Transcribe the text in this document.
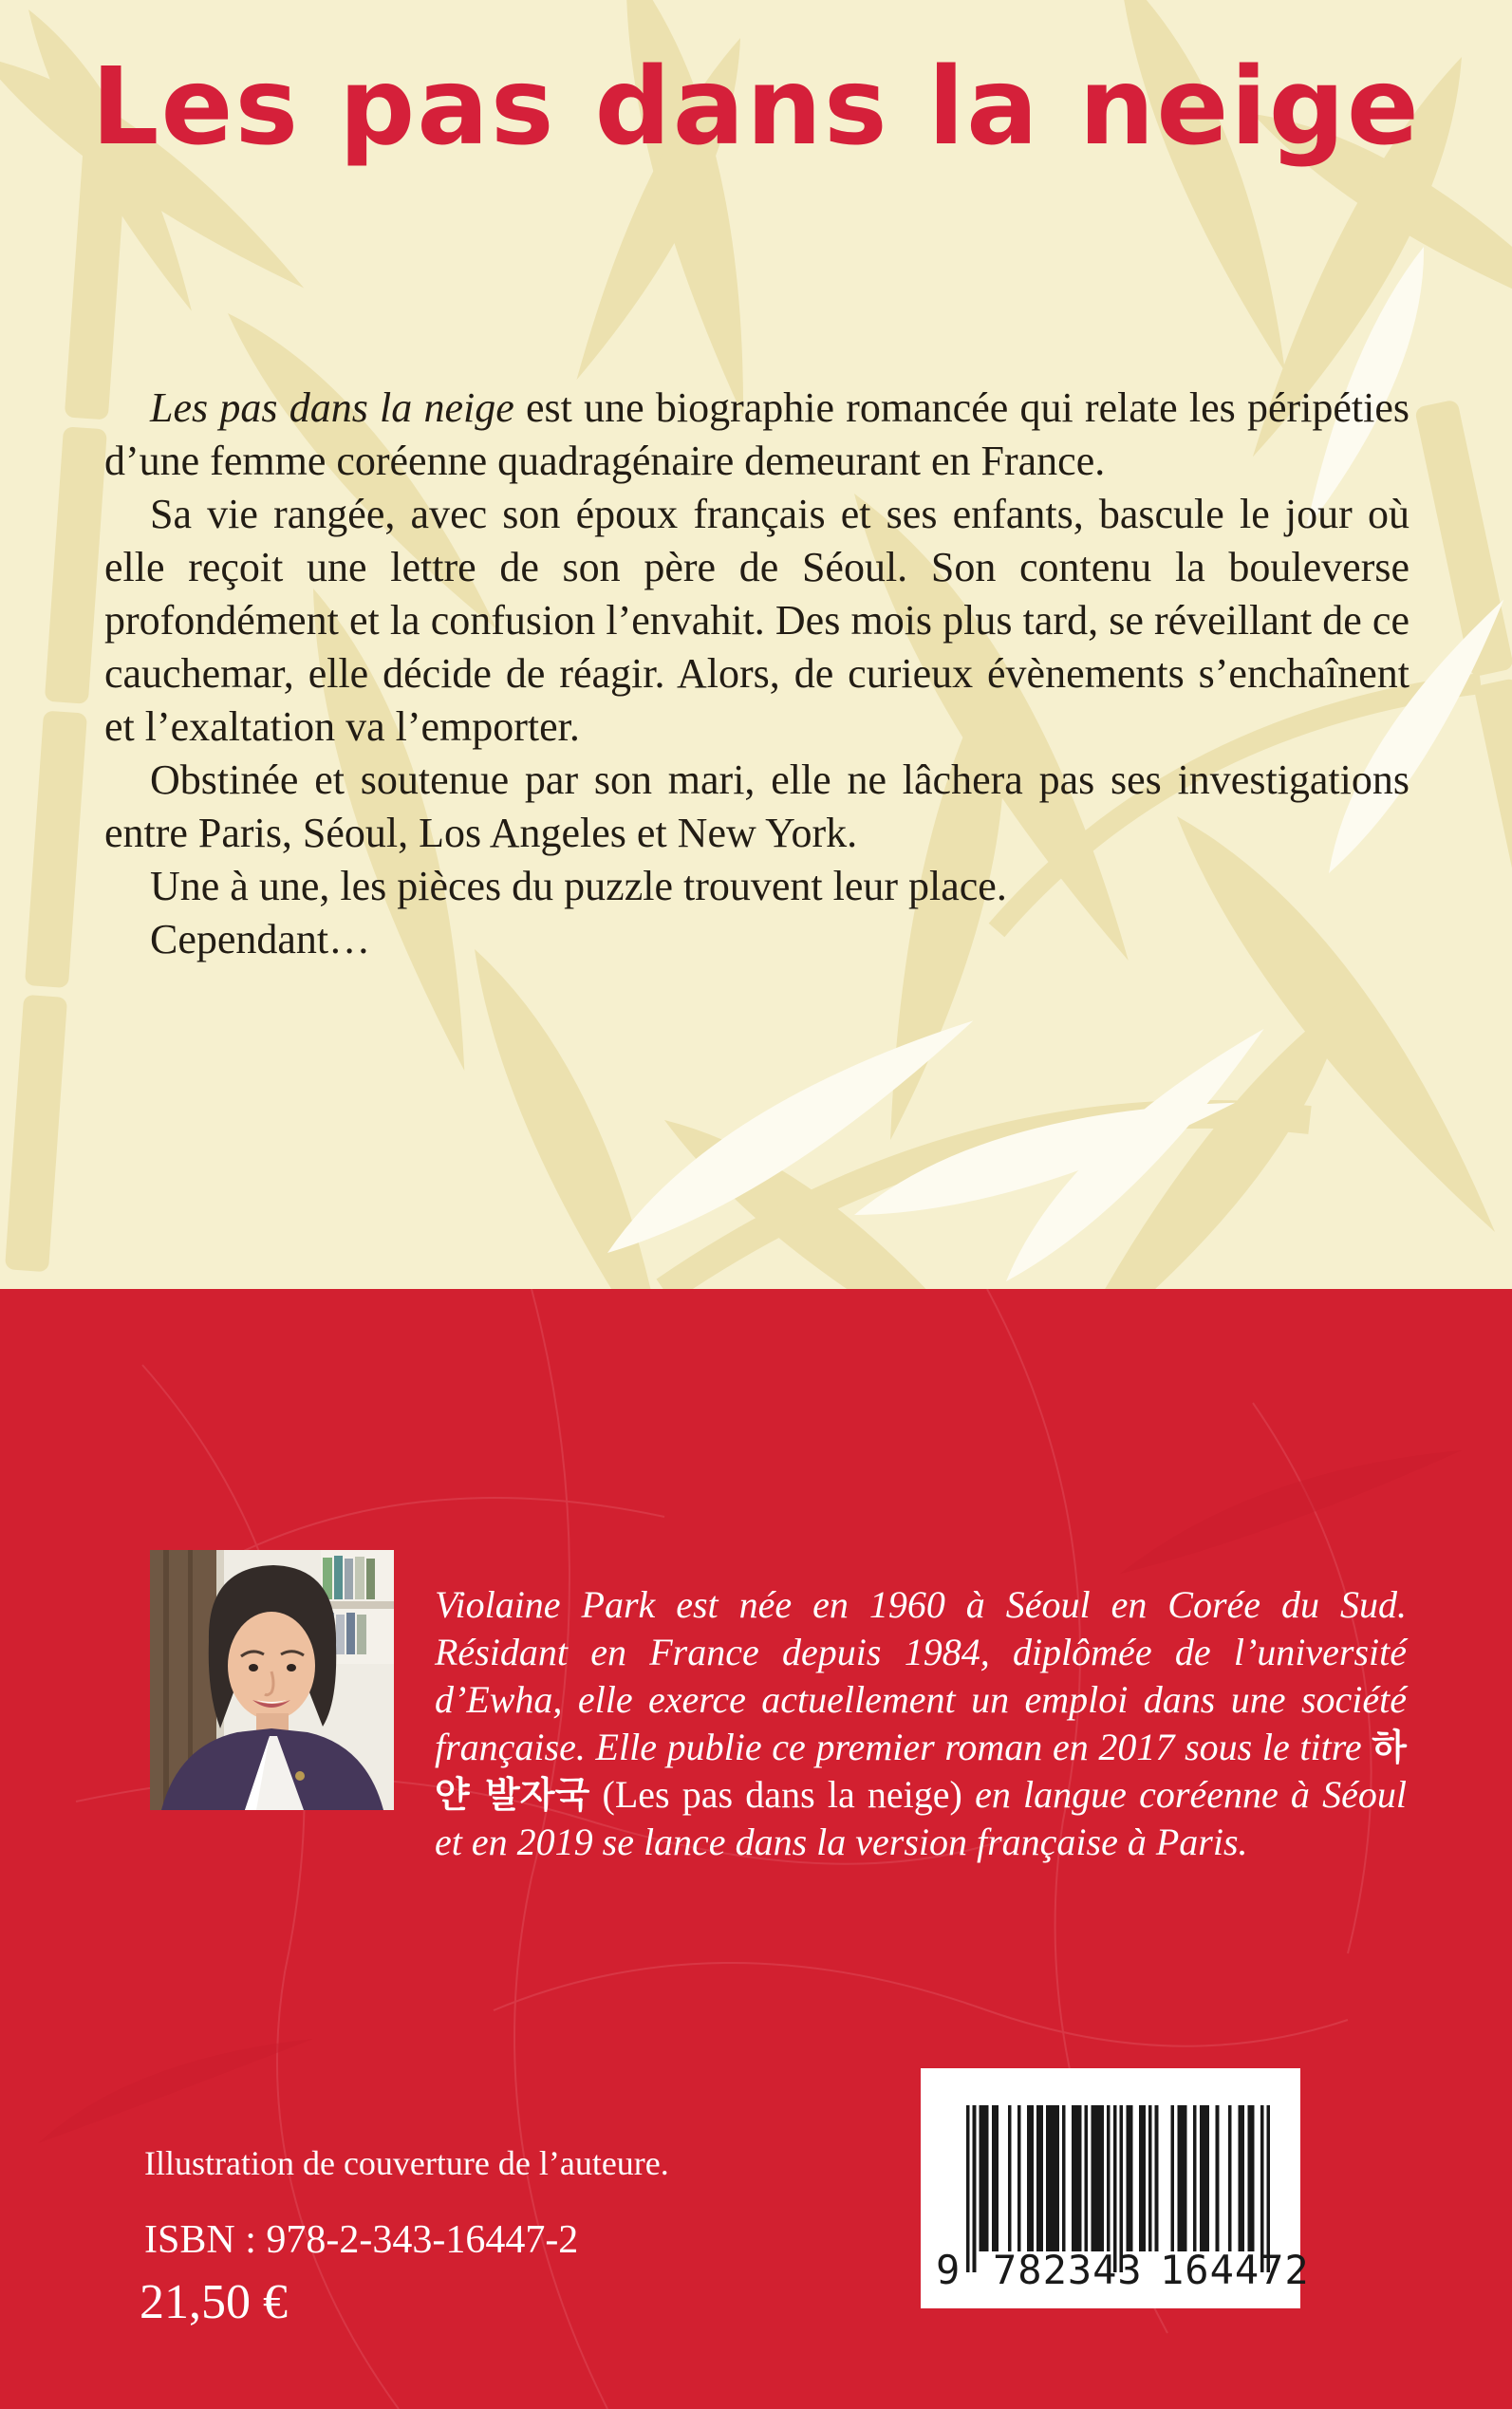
Les pas dans la neige

Les pas dans la neige est une biographie romancée qui relate les péripéties d’une femme coréenne quadragénaire demeurant en France.

Sa vie rangée, avec son époux français et ses enfants, bascule le jour où elle reçoit une lettre de son père de Séoul. Son contenu la bouleverse profondément et la confusion l’envahit. Des mois plus tard, se réveillant de ce cauchemar, elle décide de réagir. Alors, de curieux évènements s’enchaînent et l’exaltation va l’emporter.

Obstinée et soutenue par son mari, elle ne lâchera pas ses investigations entre Paris, Séoul, Los Angeles et New York.

Une à une, les pièces du puzzle trouvent leur place.

Cependant…

Violaine Park est née en 1960 à Séoul en Corée du Sud. Résidant en France depuis 1984, diplômée de l’université d’Ewha, elle exerce actuellement un emploi dans une société française. Elle publie ce premier roman en 2017 sous le titre 하얀 발자국 (Les pas dans la neige) en langue coréenne à Séoul et en 2019 se lance dans la version française à Paris.

Illustration de couverture de l’auteure.
ISBN : 978-2-343-16447-2
21,50 €
9 782343 164472
